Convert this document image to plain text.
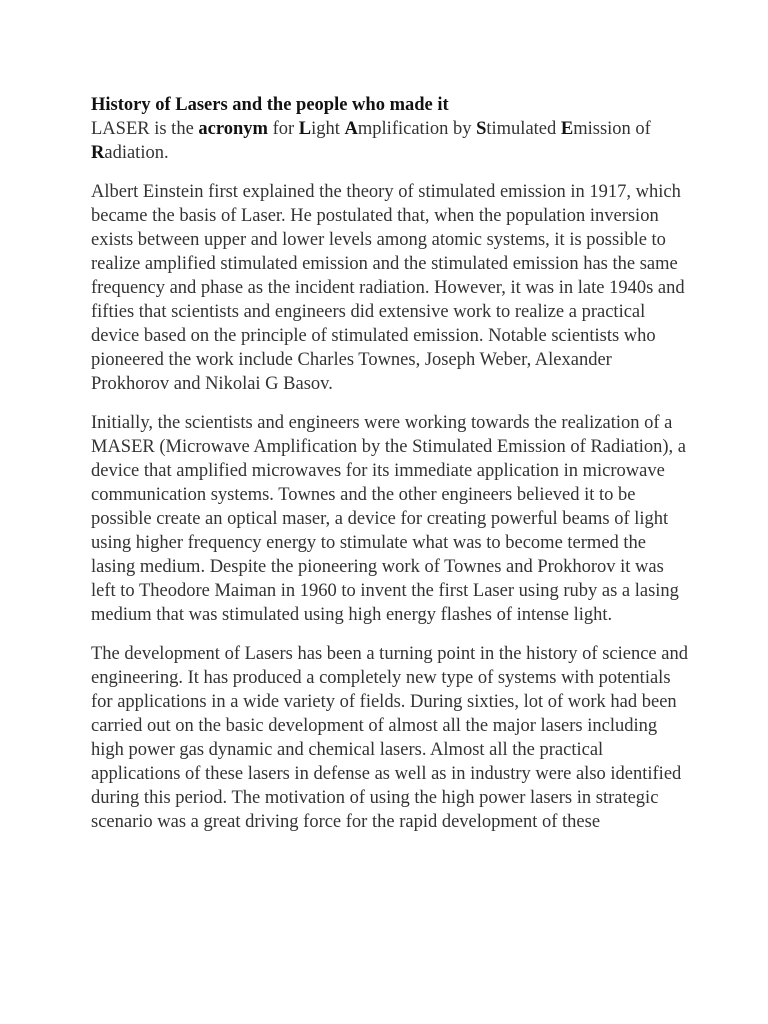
History of Lasers and the people who made it

LASER is the acronym for Light Amplification by Stimulated Emission of Radiation.

Albert Einstein first explained the theory of stimulated emission in 1917, which became the basis of Laser. He postulated that, when the population inversion exists between upper and lower levels among atomic systems, it is possible to realize amplified stimulated emission and the stimulated emission has the same frequency and phase as the incident radiation. However, it was in late 1940s and fifties that scientists and engineers did extensive work to realize a practical device based on the principle of stimulated emission. Notable scientists who pioneered the work include Charles Townes, Joseph Weber, Alexander Prokhorov and Nikolai G Basov.

Initially, the scientists and engineers were working towards the realization of a MASER (Microwave Amplification by the Stimulated Emission of Radiation), a device that amplified microwaves for its immediate application in microwave communication systems. Townes and the other engineers believed it to be possible create an optical maser, a device for creating powerful beams of light using higher frequency energy to stimulate what was to become termed the lasing medium. Despite the pioneering work of Townes and Prokhorov it was left to Theodore Maiman in 1960 to invent the first Laser using ruby as a lasing medium that was stimulated using high energy flashes of intense light.

The development of Lasers has been a turning point in the history of science and engineering. It has produced a completely new type of systems with potentials for applications in a wide variety of fields. During sixties, lot of work had been carried out on the basic development of almost all the major lasers including high power gas dynamic and chemical lasers. Almost all the practical applications of these lasers in defense as well as in industry were also identified during this period. The motivation of using the high power lasers in strategic scenario was a great driving force for the rapid development of these
